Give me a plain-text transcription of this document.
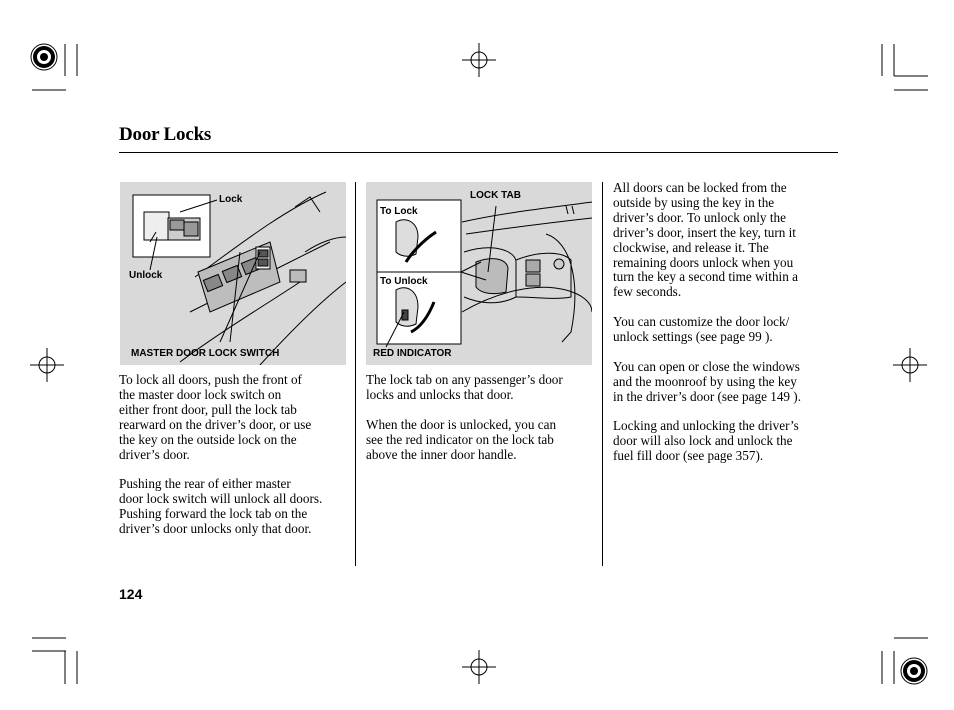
Door Locks
Lock
Unlock
MASTER DOOR LOCK SWITCH
LOCK TAB
To Lock
To Unlock
RED INDICATOR

To lock all doors, push the front of
the master door lock switch on
either front door, pull the lock tab
rearward on the driver’s door, or use
the key on the outside lock on the
driver’s door.

Pushing the rear of either master
door lock switch will unlock all doors.
Pushing forward the lock tab on the
driver’s door unlocks only that door.

The lock tab on any passenger’s door
locks and unlocks that door.

When the door is unlocked, you can
see the red indicator on the lock tab
above the inner door handle.

All doors can be locked from the
outside by using the key in the
driver’s door. To unlock only the
driver’s door, insert the key, turn it
clockwise, and release it. The
remaining doors unlock when you
turn the key a second time within a
few seconds.

You can customize the door lock/
unlock settings (see page 99 ).

You can open or close the windows
and the moonroof by using the key
in the driver’s door (see page 149 ).

Locking and unlocking the driver’s
door will also lock and unlock the
fuel fill door (see page 357).

124
